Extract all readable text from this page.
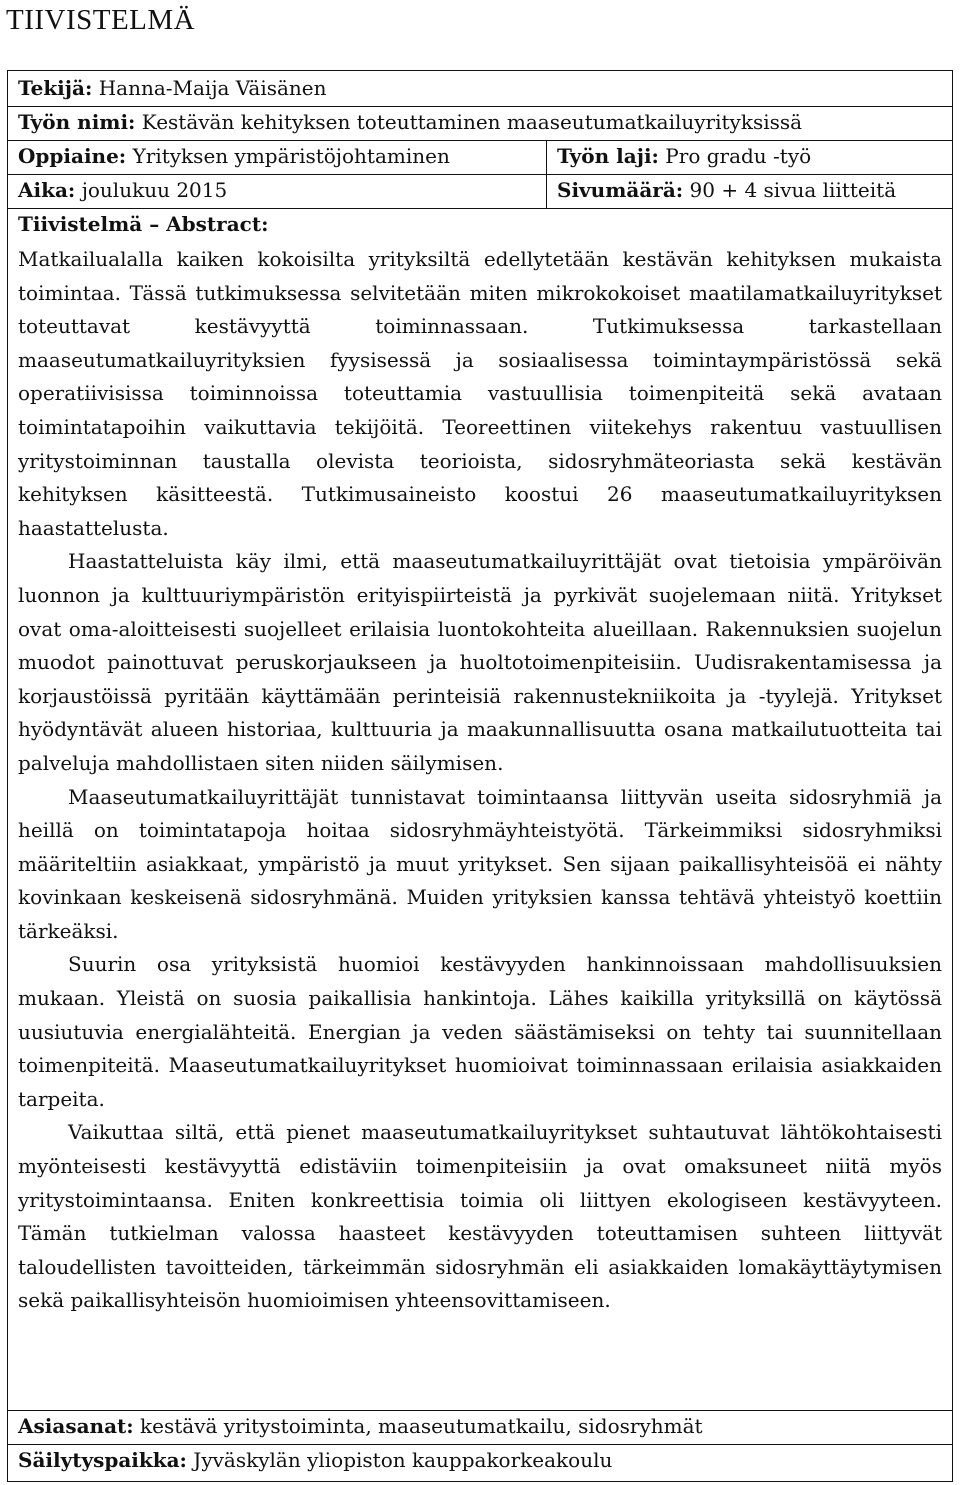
TIIVISTELMÄ
Tekijä: Hanna-Maija Väisänen
Työn nimi: Kestävän kehityksen toteuttaminen maaseutumatkailuyrityksissä
Oppiaine: Yrityksen ympäristöjohtaminen	Työn laji: Pro gradu -työ
Aika: joulukuu 2015	Sivumäärä: 90 + 4 sivua liitteitä
Tiivistelmä – Abstract:

Matkailualalla kaiken kokoisilta yrityksiltä edellytetään kestävän kehityksen mukaista toimintaa. Tässä tutkimuksessa selvitetään miten mikrokokoiset maatilamatkailuyritykset toteuttavat kestävyyttä toiminnassaan. Tutkimuksessa tarkastellaan maaseutumatkailuyrityksien fyysisessä ja sosiaalisessa toimintaympäristössä sekä operatiivisissa toiminnoissa toteuttamia vastuullisia toimenpiteitä sekä avataan toimintatapoihin vaikuttavia tekijöitä. Teoreettinen viitekehys rakentuu vastuullisen yritystoiminnan taustalla olevista teorioista, sidosryhmäteoriasta sekä kestävän kehityksen käsitteestä. Tutkimusaineisto koostui 26 maaseutumatkailuyrityksen haastattelusta.

Haastatteluista käy ilmi, että maaseutumatkailuyrittäjät ovat tietoisia ympäröivän luonnon ja kulttuuriympäristön erityispiirteistä ja pyrkivät suojelemaan niitä. Yritykset ovat oma-aloitteisesti suojelleet erilaisia luontokohteita alueillaan. Rakennuksien suojelun muodot painottuvat peruskorjaukseen ja huoltotoimenpiteisiin. Uudisrakentamisessa ja korjaustöissä pyritään käyttämään perinteisiä rakennustekniikoita ja -tyylejä. Yritykset hyödyntävät alueen historiaa, kulttuuria ja maakunnallisuutta osana matkailutuotteita tai palveluja mahdollistaen siten niiden säilymisen.

Maaseutumatkailuyrittäjät tunnistavat toimintaansa liittyvän useita sidosryhmiä ja heillä on toimintatapoja hoitaa sidosryhmäyhteistyötä. Tärkeimmiksi sidosryhmiksi määriteltiin asiakkaat, ympäristö ja muut yritykset. Sen sijaan paikallisyhteisöä ei nähty kovinkaan keskeisenä sidosryhmänä. Muiden yrityksien kanssa tehtävä yhteistyö koettiin tärkeäksi.

Suurin osa yrityksistä huomioi kestävyyden hankinnoissaan mahdollisuuksien mukaan. Yleistä on suosia paikallisia hankintoja. Lähes kaikilla yrityksillä on käytössä uusiutuvia energialähteitä. Energian ja veden säästämiseksi on tehty tai suunnitellaan toimenpiteitä. Maaseutumatkailuyritykset huomioivat toiminnassaan erilaisia asiakkaiden tarpeita.

Vaikuttaa siltä, että pienet maaseutumatkailuyritykset suhtautuvat lähtökohtaisesti myönteisesti kestävyyttä edistäviin toimenpiteisiin ja ovat omaksuneet niitä myös yritystoimintaansa. Eniten konkreettisia toimia oli liittyen ekologiseen kestävyyteen. Tämän tutkielman valossa haasteet kestävyyden toteuttamisen suhteen liittyvät taloudellisten tavoitteiden, tärkeimmän sidosryhmän eli asiakkaiden lomakäyttäytymisen sekä paikallisyhteisön huomioimisen yhteensovittamiseen.

Asiasanat: kestävä yritystoiminta, maaseutumatkailu, sidosryhmät
Säilytyspaikka: Jyväskylän yliopiston kauppakorkeakoulu
